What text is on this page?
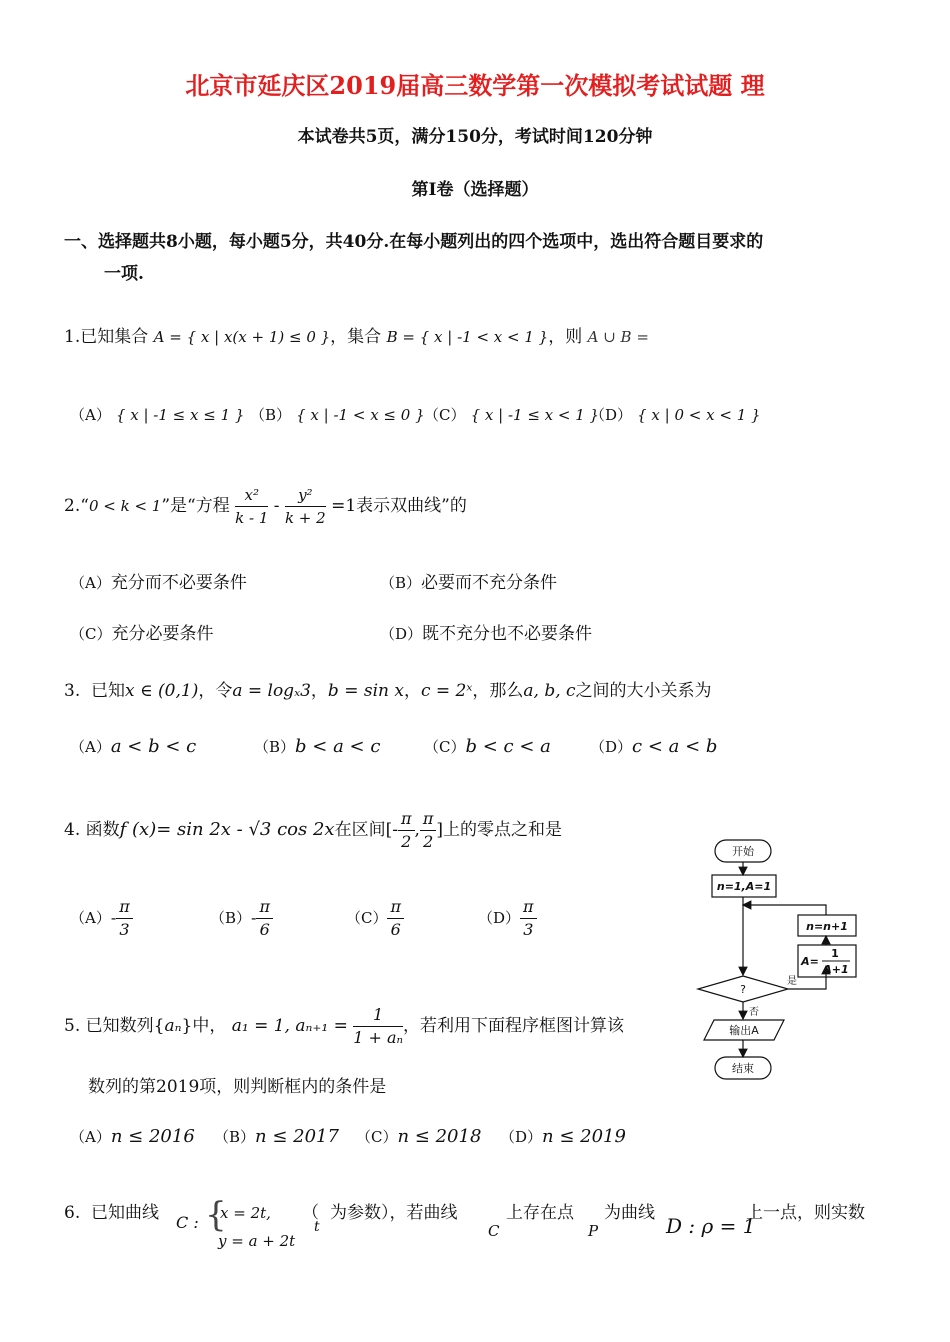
北京市延庆区2019届高三数学第一次模拟考试试题 理
本试卷共5页，满分150分，考试时间120分钟
第Ⅰ卷（选择题）
一、选择题共8小题，每小题5分，共40分.在每小题列出的四个选项中，选出符合题目要求的
一项.
1.已知集合 A = { x | x(x + 1) ≤ 0 }，集合 B = { x | -1 < x < 1 }，则 A ∪ B =
（A） { x | -1 ≤ x ≤ 1 } （B） { x | -1 < x ≤ 0 } （C） { x | -1 ≤ x < 1 }
（D） { x | 0 < x < 1 }
2.“0 < k < 1”是“方程 $\frac{\text{x²}}{k - 1} - \frac{\text{y²}}{k + 2} =1$表示双曲线”的
（A）充分而不必要条件	（B）必要而不充分条件
（C）充分必要条件	（D）既不充分也不必要条件
3. 已知x ∈ (0,1)，令a = logₓ3，b = sin x，c = 2ˣ，那么a, b, c之间的大小关系为
（A）a < b < c	（B）b < a < c	（C）b < c < a	（D）c < a < b
4. 函数f (x)= sin 2x - √3 cos 2x在区间[- $\frac{\pi}{2}$ , $\frac{\pi}{2}$ ]上的零点之和是
$(A)- \frac{\pi}{3}$	$(B)- \frac{\pi}{6}$	$(C) \frac{\pi}{6}$	$(D) \frac{\pi}{3}$
5. 已知数列{aₙ}中， a₁ = 1, $a_{n+1} = \frac{1}{\text{1 + aₙ}}$ ，若利用下面程序框图计算该
数列的第2019项，则判断框内的条件是
（A）n ≤ 2016 （B）n ≤ 2017 （C）n ≤ 2018 （D）n ≤ 2019
开始
n=1,A=1
n=n+1
A=
1
A+1
?
是
否
输出A
结束
6. 已知曲线 C : {
x = 2t,
y = a + 2t
（
t
为参数），若曲线
C
上存在点
P
为曲线
D : ρ = 1
上一点，则实数
